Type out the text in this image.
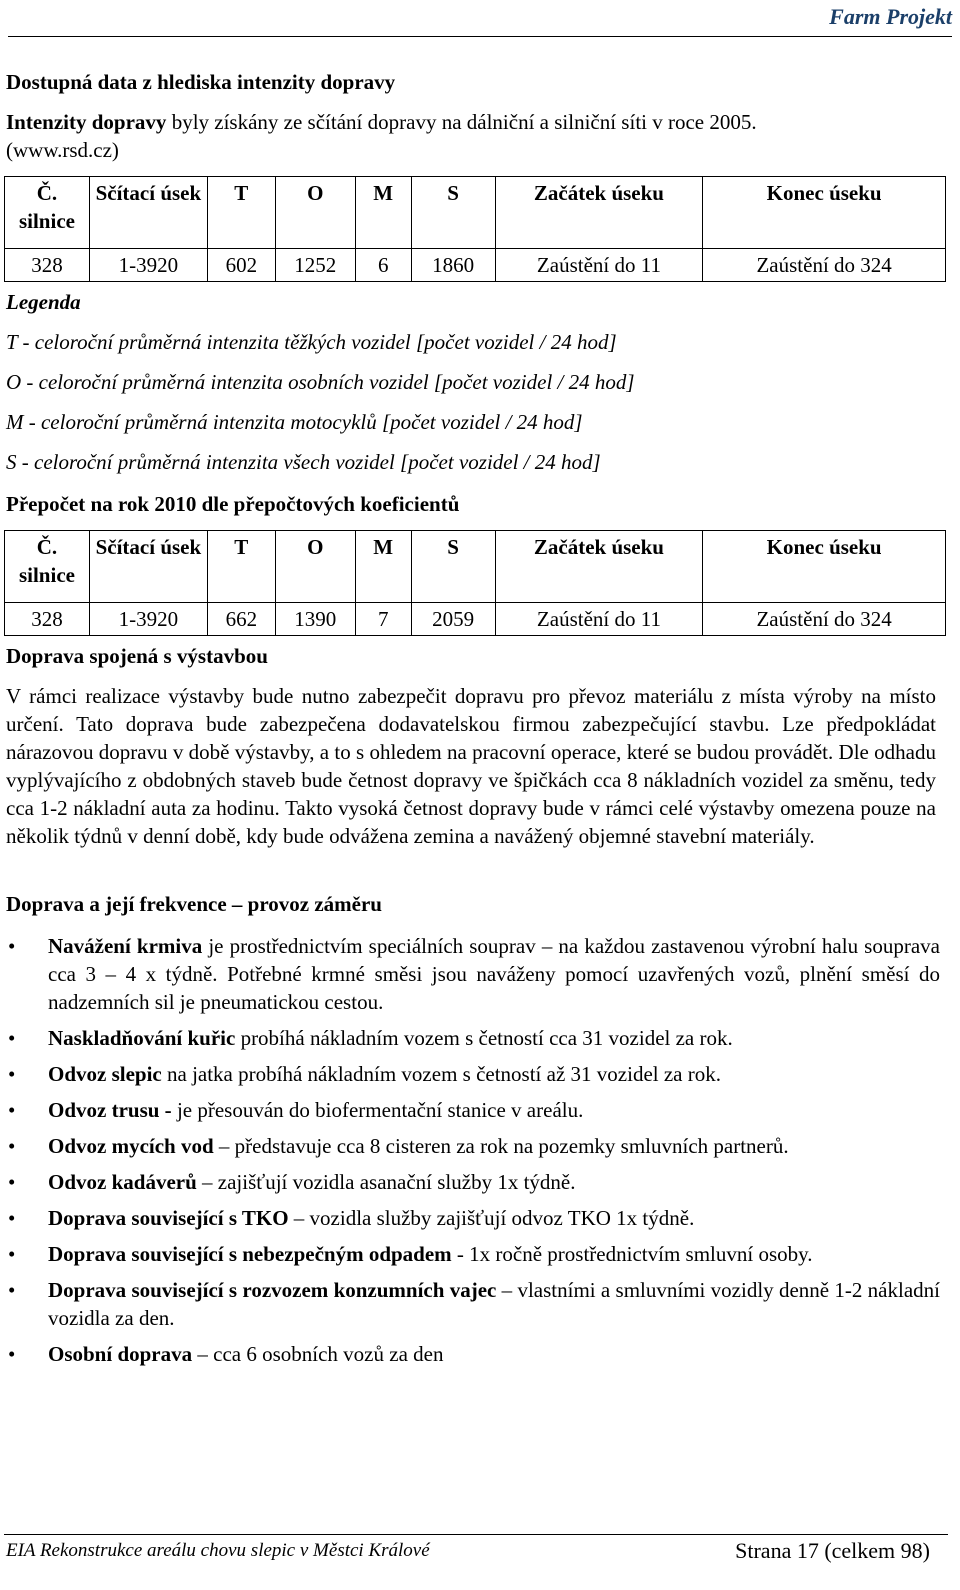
Farm Projekt
Dostupná data z hlediska intenzity dopravy
Intenzity dopravy byly získány ze sčítání dopravy na dálniční a silniční síti v roce 2005.
(www.rsd.cz)
Č. silnice	Sčítací úsek	T	O	M	S	Začátek úseku	Konec úseku
328	1-3920	602	1252	6	1860	Zaústění do 11	Zaústění do 324
Legenda
T - celoroční průměrná intenzita těžkých vozidel [počet vozidel / 24 hod]
O - celoroční průměrná intenzita osobních vozidel [počet vozidel / 24 hod]
M - celoroční průměrná intenzita motocyklů [počet vozidel / 24 hod]
S - celoroční průměrná intenzita všech vozidel [počet vozidel / 24 hod]
Přepočet na rok 2010 dle přepočtových koeficientů
Č. silnice	Sčítací úsek	T	O	M	S	Začátek úseku	Konec úseku
328	1-3920	662	1390	7	2059	Zaústění do 11	Zaústění do 324
Doprava spojená s výstavbou
V rámci realizace výstavby bude nutno zabezpečit dopravu pro převoz materiálu z místa výroby na místo určení. Tato doprava bude zabezpečena dodavatelskou firmou zabezpečující stavbu. Lze předpokládat nárazovou dopravu v době výstavby, a to s ohledem na pracovní operace, které se budou provádět. Dle odhadu vyplývajícího z obdobných staveb bude četnost dopravy ve špičkách cca 8 nákladních vozidel za směnu, tedy cca 1-2 nákladní auta za hodinu. Takto vysoká četnost dopravy bude v rámci celé výstavby omezena pouze na několik týdnů v denní době, kdy bude odvážena zemina a navážený objemné stavební materiály.
Doprava a její frekvence – provoz záměru
• Navážení krmiva je prostřednictvím speciálních souprav – na každou zastavenou výrobní halu souprava cca 3 – 4 x týdně. Potřebné krmné směsi jsou naváženy pomocí uzavřených vozů, plnění směsí do nadzemních sil je pneumatickou cestou.
• Naskladňování kuřic probíhá nákladním vozem s četností cca 31 vozidel za rok.
• Odvoz slepic na jatka probíhá nákladním vozem s četností až 31 vozidel za rok.
• Odvoz trusu - je přesouván do biofermentační stanice v areálu.
• Odvoz mycích vod – představuje cca 8 cisteren za rok na pozemky smluvních partnerů.
• Odvoz kadáverů – zajišťují vozidla asanační služby 1x týdně.
• Doprava související s TKO – vozidla služby zajišťují odvoz TKO 1x týdně.
• Doprava související s nebezpečným odpadem - 1x ročně prostřednictvím smluvní osoby.
• Doprava související s rozvozem konzumních vajec – vlastními a smluvními vozidly denně 1-2 nákladní vozidla za den.
• Osobní doprava – cca 6 osobních vozů za den
EIA Rekonstrukce areálu chovu slepic v Městci Králové	Strana 17 (celkem 98)
